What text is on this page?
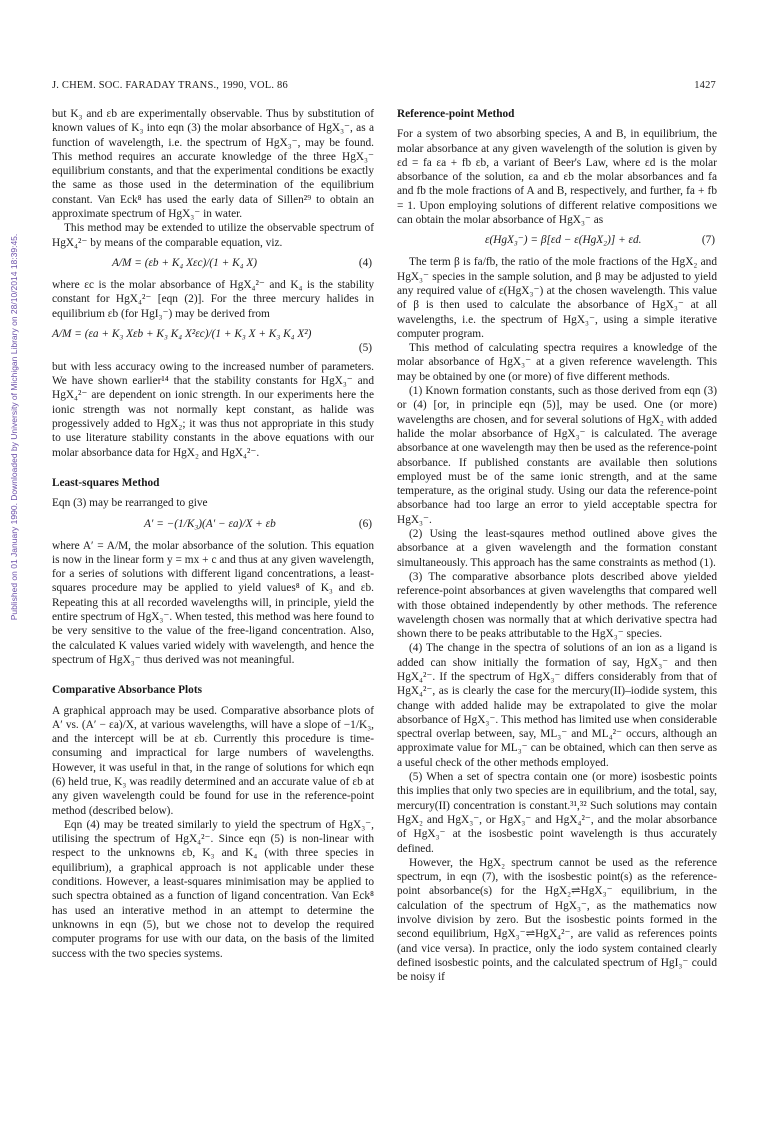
J. CHEM. SOC. FARADAY TRANS., 1990, VOL. 86	1427
Published on 01 January 1990. Downloaded by University of Michigan Library on 28/10/2014 18:39:45.

but K₃ and εb are experimentally observable. Thus by substitution of known values of K₃ into eqn (3) the molar absorbance of HgX₃⁻, as a function of wavelength, i.e. the spectrum of HgX₃⁻, may be found. This method requires an accurate knowledge of the three HgX₃⁻ equilibrium constants, and that the experimental conditions be exactly the same as those used in the determination of the equilibrium constant. Van Eck⁸ has used the early data of Sillen²⁹ to obtain an approximate spectrum of HgX₃⁻ in water.

This method may be extended to utilize the observable spectrum of HgX₄²⁻ by means of the comparable equation, viz.

A/M = (εb + K₄ Xεc)/(1 + K₄ X)	(4)

where εc is the molar absorbance of HgX₄²⁻ and K₄ is the stability constant for HgX₄²⁻ [eqn (2)]. For the three mercury halides in equilibrium εb (for HgI₃⁻) may be derived from

A/M = (εa + K₃ Xεb + K₃ K₄ X²εc)/(1 + K₃ X + K₃ K₄ X²)
(5)

but with less accuracy owing to the increased number of parameters. We have shown earlier¹⁴ that the stability constants for HgX₃⁻ and HgX₄²⁻ are dependent on ionic strength. In our experiments here the ionic strength was not normally kept constant, as halide was progessively added to HgX₂; it was thus not appropriate in this study to use literature stability constants in the above equations with our molar absorbance data for HgX₂ and HgX₄²⁻.

Least-squares Method

Eqn (3) may be rearranged to give

A′ = −(1/K₃)(A′ − εa)/X + εb	(6)

where A′ = A/M, the molar absorbance of the solution. This equation is now in the linear form y = mx + c and thus at any given wavelength, for a series of solutions with different ligand concentrations, a least-squares procedure may be applied to yield values⁸ of K₃ and εb. Repeating this at all recorded wavelengths will, in principle, yield the entire spectrum of HgX₃⁻. When tested, this method was here found to be very sensitive to the value of the free-ligand concentration. Also, the calculated K values varied widely with wavelength, and hence the spectrum of HgX₃⁻ thus derived was not meaningful.

Comparative Absorbance Plots

A graphical approach may be used. Comparative absorbance plots of A′ vs. (A′ − εa)/X, at various wavelengths, will have a slope of −1/K₃, and the intercept will be at εb. Currently this procedure is time-consuming and impractical for large numbers of wavelengths. However, it was useful in that, in the range of solutions for which eqn (6) held true, K₃ was readily determined and an accurate value of εb at any given wavelength could be found for use in the reference-point method (described below).

Eqn (4) may be treated similarly to yield the spectrum of HgX₃⁻, utilising the spectrum of HgX₄²⁻. Since eqn (5) is non-linear with respect to the unknowns εb, K₃ and K₄ (with three species in equilibrium), a graphical approach is not applicable under these conditions. However, a least-squares minimisation may be applied to such spectra obtained as a function of ligand concentration. Van Eck⁸ has used an interative method in an attempt to determine the unknowns in eqn (5), but we chose not to develop the required computer programs for use with our data, on the basis of the limited success with the two species systems.

Reference-point Method

For a system of two absorbing species, A and B, in equilibrium, the molar absorbance at any given wavelength of the solution is given by εd = fa εa + fb εb, a variant of Beer's Law, where εd is the molar absorbance of the solution, εa and εb the molar absorbances and fa and fb the mole fractions of A and B, respectively, and further, fa + fb = 1. Upon employing solutions of different relative compositions we can obtain the molar absorbance of HgX₃⁻ as

ε(HgX₃⁻) = β[εd − ε(HgX₂)] + εd.	(7)

The term β is fa/fb, the ratio of the mole fractions of the HgX₂ and HgX₃⁻ species in the sample solution, and β may be adjusted to yield any required value of ε(HgX₃⁻) at the chosen wavelength. This value of β is then used to calculate the absorbance of HgX₃⁻ at all wavelengths, i.e. the spectrum of HgX₃⁻, using a simple iterative computer program.

This method of calculating spectra requires a knowledge of the molar absorbance of HgX₃⁻ at a given reference wavelength. This may be obtained by one (or more) of five different methods.

(1) Known formation constants, such as those derived from eqn (3) or (4) [or, in principle eqn (5)], may be used. One (or more) wavelengths are chosen, and for several solutions of HgX₂ with added halide the molar absorbance of HgX₃⁻ is calculated. The average absorbance at one wavelength may then be used as the reference-point absorbance. If published constants are available then solutions employed must be of the same ionic strength, and at the same temperature, as the original study. Using our data the reference-point absorbance had too large an error to yield acceptable spectra for HgX₃⁻.

(2) Using the least-sqaures method outlined above gives the absorbance at a given wavelength and the formation constant simultaneously. This approach has the same constraints as method (1).

(3) The comparative absorbance plots described above yielded reference-point absorbances at given wavelengths that compared well with those obtained independently by other methods. The reference wavelength chosen was normally that at which derivative spectra had shown there to be peaks attributable to the HgX₃⁻ species.

(4) The change in the spectra of solutions of an ion as a ligand is added can show initially the formation of say, HgX₃⁻ and then HgX₄²⁻. If the spectrum of HgX₃⁻ differs considerably from that of HgX₄²⁻, as is clearly the case for the mercury(II)–iodide system, this change with added halide may be extrapolated to give the molar absorbance of HgX₃⁻. This method has limited use when considerable spectral overlap between, say, ML₃⁻ and ML₄²⁻ occurs, although an approximate value for ML₃⁻ can be obtained, which can then serve as a useful check of the other methods employed.

(5) When a set of spectra contain one (or more) isosbestic points this implies that only two species are in equilibrium, and the total, say, mercury(II) concentration is constant.³¹,³² Such solutions may contain HgX₂ and HgX₃⁻, or HgX₃⁻ and HgX₄²⁻, and the molar absorbance of HgX₃⁻ at the isosbestic point wavelength is thus accurately defined.

However, the HgX₂ spectrum cannot be used as the reference spectrum, in eqn (7), with the isosbestic point(s) as the reference-point absorbance(s) for the HgX₂⇌HgX₃⁻ equilibrium, in the calculation of the spectrum of HgX₃⁻, as the mathematics now involve division by zero. But the isosbestic points formed in the second equilibrium, HgX₃⁻⇌HgX₄²⁻, are valid as references points (and vice versa). In practice, only the iodo system contained clearly defined isosbestic points, and the calculated spectrum of HgI₃⁻ could be noisy if
